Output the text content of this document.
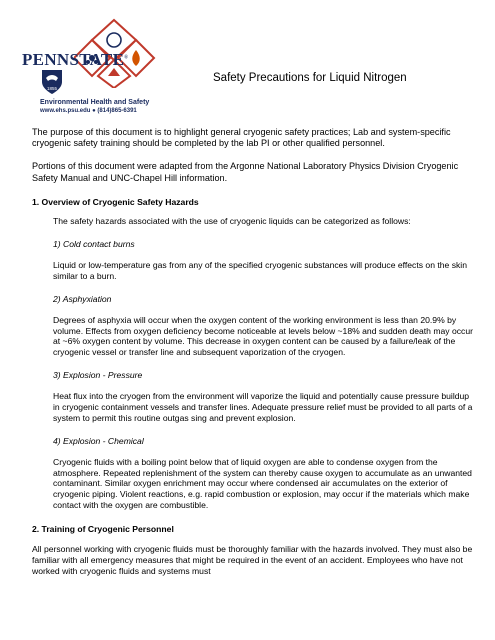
PENNSTATE®
1855
Environmental Health and Safety
www.ehs.psu.edu ● (814)865-6391
Safety Precautions for Liquid Nitrogen

The purpose of this document is to highlight general cryogenic safety practices; Lab and system-specific cryogenic safety training should be completed by the lab PI or other qualified personnel.

Portions of this document were adapted from the Argonne National Laboratory Physics Division Cryogenic Safety Manual and UNC-Chapel Hill information.

1. Overview of Cryogenic Safety Hazards

The safety hazards associated with the use of cryogenic liquids can be categorized as follows:

1) Cold contact burns

Liquid or low-temperature gas from any of the specified cryogenic substances will produce effects on the skin similar to a burn.

2) Asphyxiation

Degrees of asphyxia will occur when the oxygen content of the working environment is less than 20.9% by volume. Effects from oxygen deficiency become noticeable at levels below ~18% and sudden death may occur at ~6% oxygen content by volume. This decrease in oxygen content can be caused by a failure/leak of the cryogenic vessel or transfer line and subsequent vaporization of the cryogen.

3) Explosion - Pressure

Heat flux into the cryogen from the environment will vaporize the liquid and potentially cause pressure buildup in cryogenic containment vessels and transfer lines. Adequate pressure relief must be provided to all parts of a system to permit this routine outgas sing and prevent explosion.

4) Explosion - Chemical

Cryogenic fluids with a boiling point below that of liquid oxygen are able to condense oxygen from the atmosphere. Repeated replenishment of the system can thereby cause oxygen to accumulate as an unwanted contaminant. Similar oxygen enrichment may occur where condensed air accumulates on the exterior of cryogenic piping. Violent reactions, e.g. rapid combustion or explosion, may occur if the materials which make contact with the oxygen are combustible.

2. Training of Cryogenic Personnel

All personnel working with cryogenic fluids must be thoroughly familiar with the hazards involved. They must also be familiar with all emergency measures that might be required in the event of an accident. Employees who have not worked with cryogenic fluids and systems must
